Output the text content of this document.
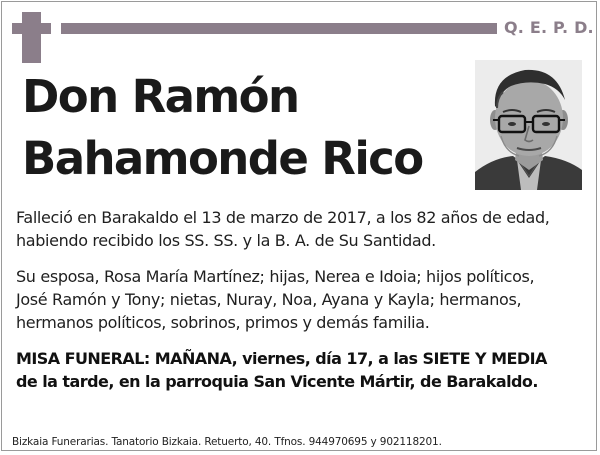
Q. E. P. D.
Don Ramón
Bahamonde Rico
Falleció en Barakaldo el 13 de marzo de 2017, a los 82 años de edad,
habiendo recibido los SS. SS. y la B. A. de Su Santidad.
Su esposa, Rosa María Martínez; hijas, Nerea e Idoia; hijos políticos,
José Ramón y Tony; nietas, Nuray, Noa, Ayana y Kayla; hermanos,
hermanos políticos, sobrinos, primos y demás familia.
MISA FUNERAL: MAÑANA, viernes, día 17, a las SIETE Y MEDIA
de la tarde, en la parroquia San Vicente Mártir, de Barakaldo.
Bizkaia Funerarias. Tanatorio Bizkaia. Retuerto, 40. Tfnos. 944970695 y 902118201.
